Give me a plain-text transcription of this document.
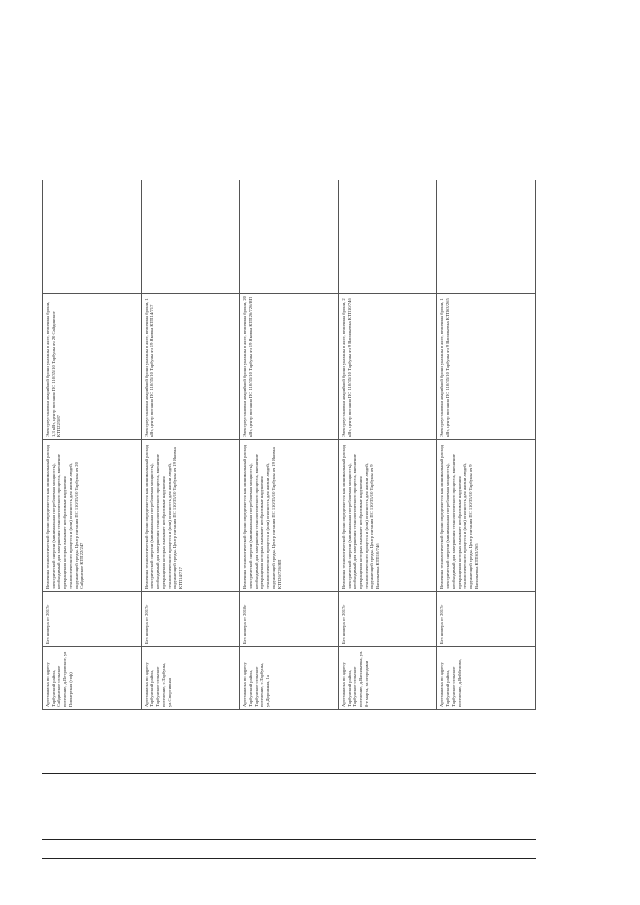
Артезианска по адресу Тарбунский район, Сайдинское сельское поселение, д.Петровское, ул Пионерская (тоф)	Без номера от 2017г	Величина технологической брони определяется как минимальный расход электрической энергии (минимальная потребляемая мощность), необходимый для завершения технологического процесса, внешение прекращения которых вызывает необратимые нарушения технологического процесса и (или) опасность для жизни людей, окружающей среды. Центр питания ПС 110/35/10 Тарбуны яч 20 Сайдинское КТП22/247	Электроустановки аварийной брони указаны в акте, величина брони, 1,3 кВт, центр питания ПС 110/35/10 Тарбуны яч 20 Сайдинское КТП22/587	
Артезианска по адресу Тарбунский район, Тарбунское сельское поселение, с.Тарбуны, ул.Спортивная	Без номера от 2017г	Величина технологической брони определяется как минимальный расход электрической энергии (минимальная потребляемая мощность), необходимый для завершения технологического процесса, внешение прекращения которых вызывает необратимые нарушения технологического процесса и (или) опасность для жизни людей, окружающей среды. Центр питания ПС 110/35/10 Тарбуны яч 19 Яковка КТП14/717	Электроустановки аварийной брони указаны в акте, величина брони, 1 кВт, центр питания ПС 110/35/10 Тарбуны яч 19 Яковка КТП14/717	
Артезианска по адресу Тарбунский район, Тарбунское сельское поселение, с.Тарбуны, ул.Дорожная, 1а	Без номера от 2018г	Величина технологической брони определяется как минимальный расход электрической энергии (минимальная потребляемая мощность), необходимый для завершения технологического процесса, внешение прекращения которых вызывает необратимые нарушения технологического процесса и (или) опасность для жизни людей, окружающей среды. Центр питания ПС 110/35/10 Тарбуны яч 19 Яковка КТП26/726/ЯП	Электроустановки аварийной брони указаны в акте, величина брони, 20 кВт, центр питания ПС 110/35/10 Тарбуны яч 19 Яковка КТП26/726/ЯП	
Артезианска по адресу Тарбунский район, Тарбунское сельское поселение, д.Васильевка, ул. 8-е марта, за огородами	Без номера от 2017г	Величина технологической брони определяется как минимальный расход электрической энергии (минимальная потребляемая мощность), необходимый для завершения технологического процесса, внешение прекращения которых вызывает необратимые нарушения технологического процесса и (или) опасность для жизни людей, окружающей среды. Центр питания ПС 110/35/10 Тарбуны яч 9 Васильевка КТП10/74б	Электроустановки аварийной брони указаны в акте, величина брони, 2 кВт, центр питания ПС 110/35/10 Тарбуны яч 9 Васильевка КТП10/74б	
Артезианска по адресу Тарбунский район, Тарбунское сельское поселение, д.Вейбелово,	Без номера от 2017г	Величина технологической брони определяется как минимальный расход электрической энергии (минимальная потребляемая мощность), необходимый для завершения технологического процесса, внешение прекращения которых вызывает необратимые нарушения технологического процесса и (или) опасность для жизни людей, окружающей среды. Центр питания ПС 110/35/10 Тарбуны яч 9 Васильевка КТП63/265	Электроустановки аварийной брони указаны в акте, величина брони, 1 кВт, центр питания ПС 110/35/10 Тарбуны яч 9 Васильевка КТП63/265	
